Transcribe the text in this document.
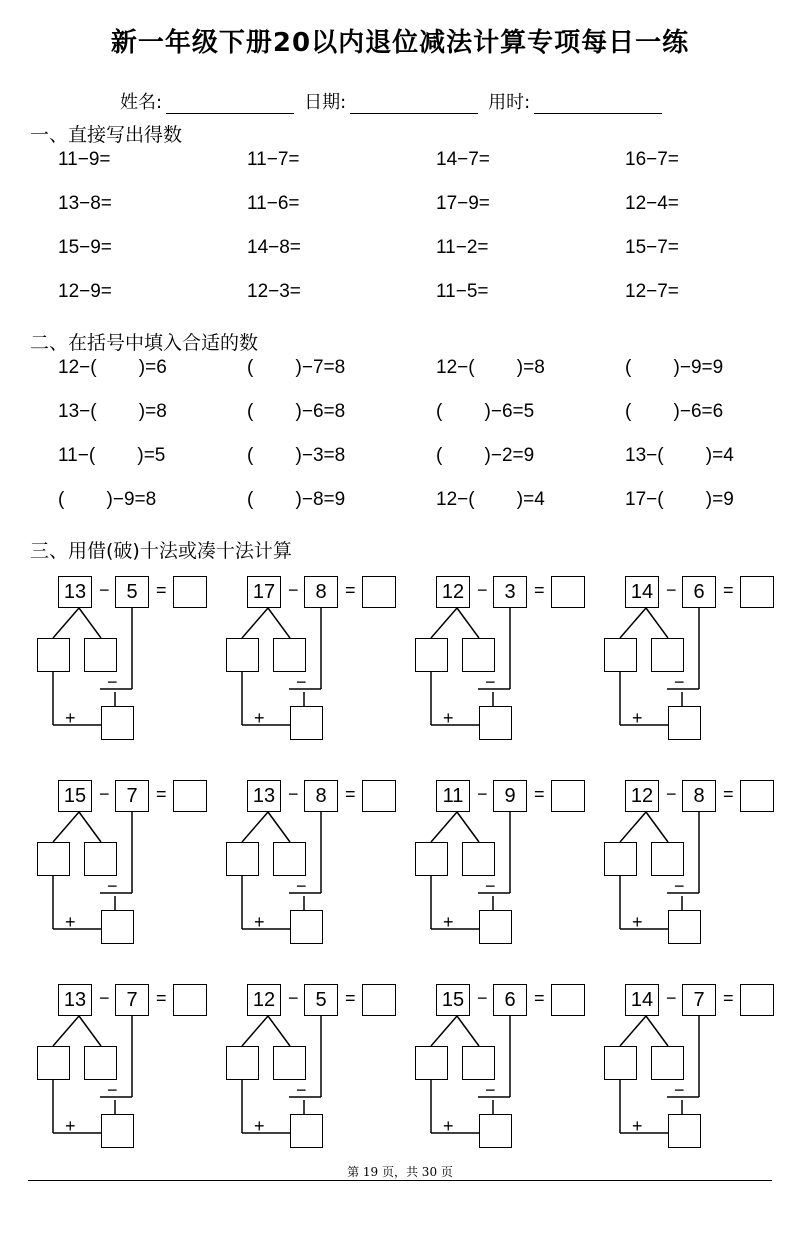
新一年级下册20以内退位减法计算专项每日一练
姓名:	日期:	用时:
一、直接写出得数
11−9=	11−7=	14−7=	16−7=
13−8=	11−6=	17−9=	12−4=
15−9=	14−8=	11−2=	15−7=
12−9=	12−3=	11−5=	12−7=
二、在括号中填入合适的数
12−(        )=6	(        )−7=8	12−(        )=8	(        )−9=9
13−(        )=8	(        )−6=8	(        )−6=5	(        )−6=6
11−(        )=5	(        )−3=8	(        )−2=9	13−(        )=4
(        )−9=8	(        )−8=9	12−(        )=4	17−(        )=9
三、用借(破)十法或凑十法计算
13 − 5 =
−
+
17 − 8 =
−
+
12 − 3 =
−
+
14 − 6 =
−
+
15 − 7 =
−
+
13 − 8 =
−
+
11 − 9 =
−
+
12 − 8 =
−
+
13 − 7 =
−
+
12 − 5 =
−
+
15 − 6 =
−
+
14 − 7 =
−
+
第 19 页，共 30 页
